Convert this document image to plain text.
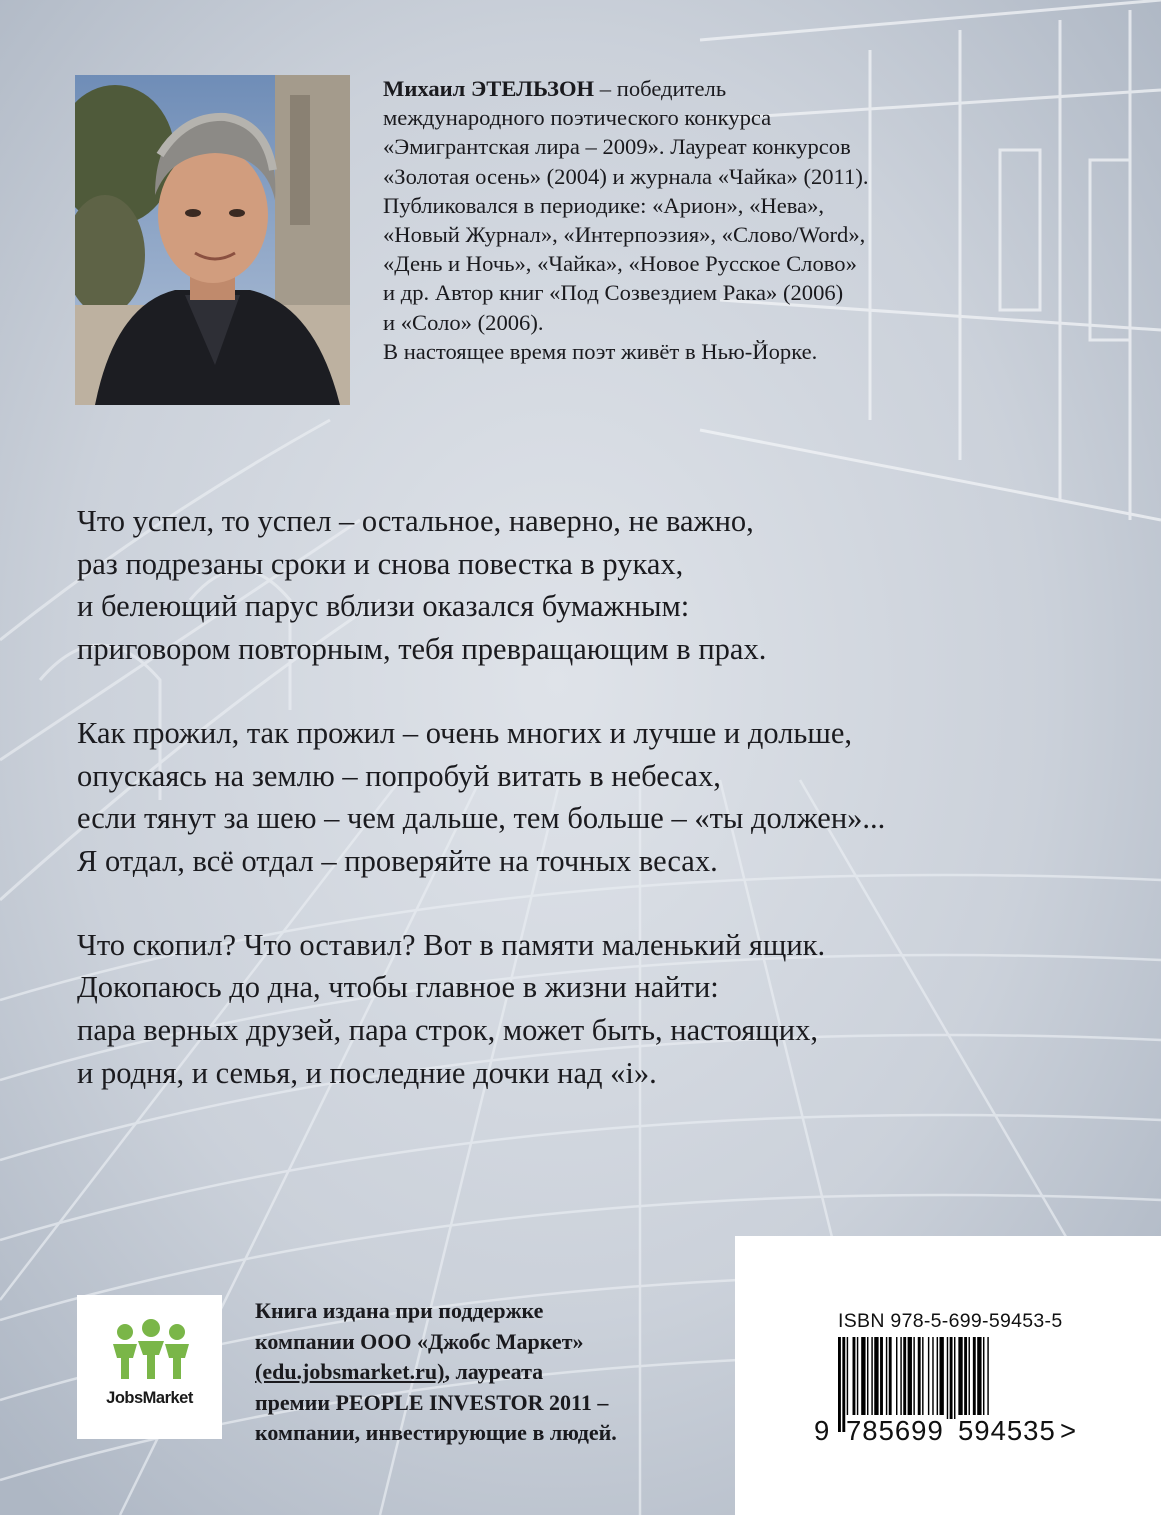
Михаил ЭТЕЛЬЗОН – победитель
международного поэтического конкурса
«Эмигрантская лира – 2009». Лауреат конкурсов
«Золотая осень» (2004) и журнала «Чайка» (2011).
Публиковался в периодике: «Арион», «Нева»,
«Новый Журнал», «Интерпоэзия», «Слово/Word»,
«День и Ночь», «Чайка», «Новое Русское Слово»
и др. Автор книг «Под Созвездием Рака» (2006)
и «Соло» (2006).
В настоящее время поэт живёт в Нью-Йорке.
Что успел, то успел – остальное, наверно, не важно,
раз подрезаны сроки и снова повестка в руках,
и белеющий парус вблизи оказался бумажным:
приговором повторным, тебя превращающим в прах.
Как прожил, так прожил – очень многих и лучше и дольше,
опускаясь на землю – попробуй витать в небесах,
если тянут за шею – чем дальше, тем больше – «ты должен»...
Я отдал, всё отдал – проверяйте на точных весах.
Что скопил? Что оставил? Вот в памяти маленький ящик.
Докопаюсь до дна, чтобы главное в жизни найти:
пара верных друзей, пара строк, может быть, настоящих,
и родня, и семья, и последние дочки над «i».
JobsMarket
Книга издана при поддержке
компании ООО «Джобс Маркет»
(edu.jobsmarket.ru), лауреата
премии PEOPLE INVESTOR 2011 –
компании, инвестирующие в людей.
ISBN 978-5-699-59453-5
9 785699 594535 >
